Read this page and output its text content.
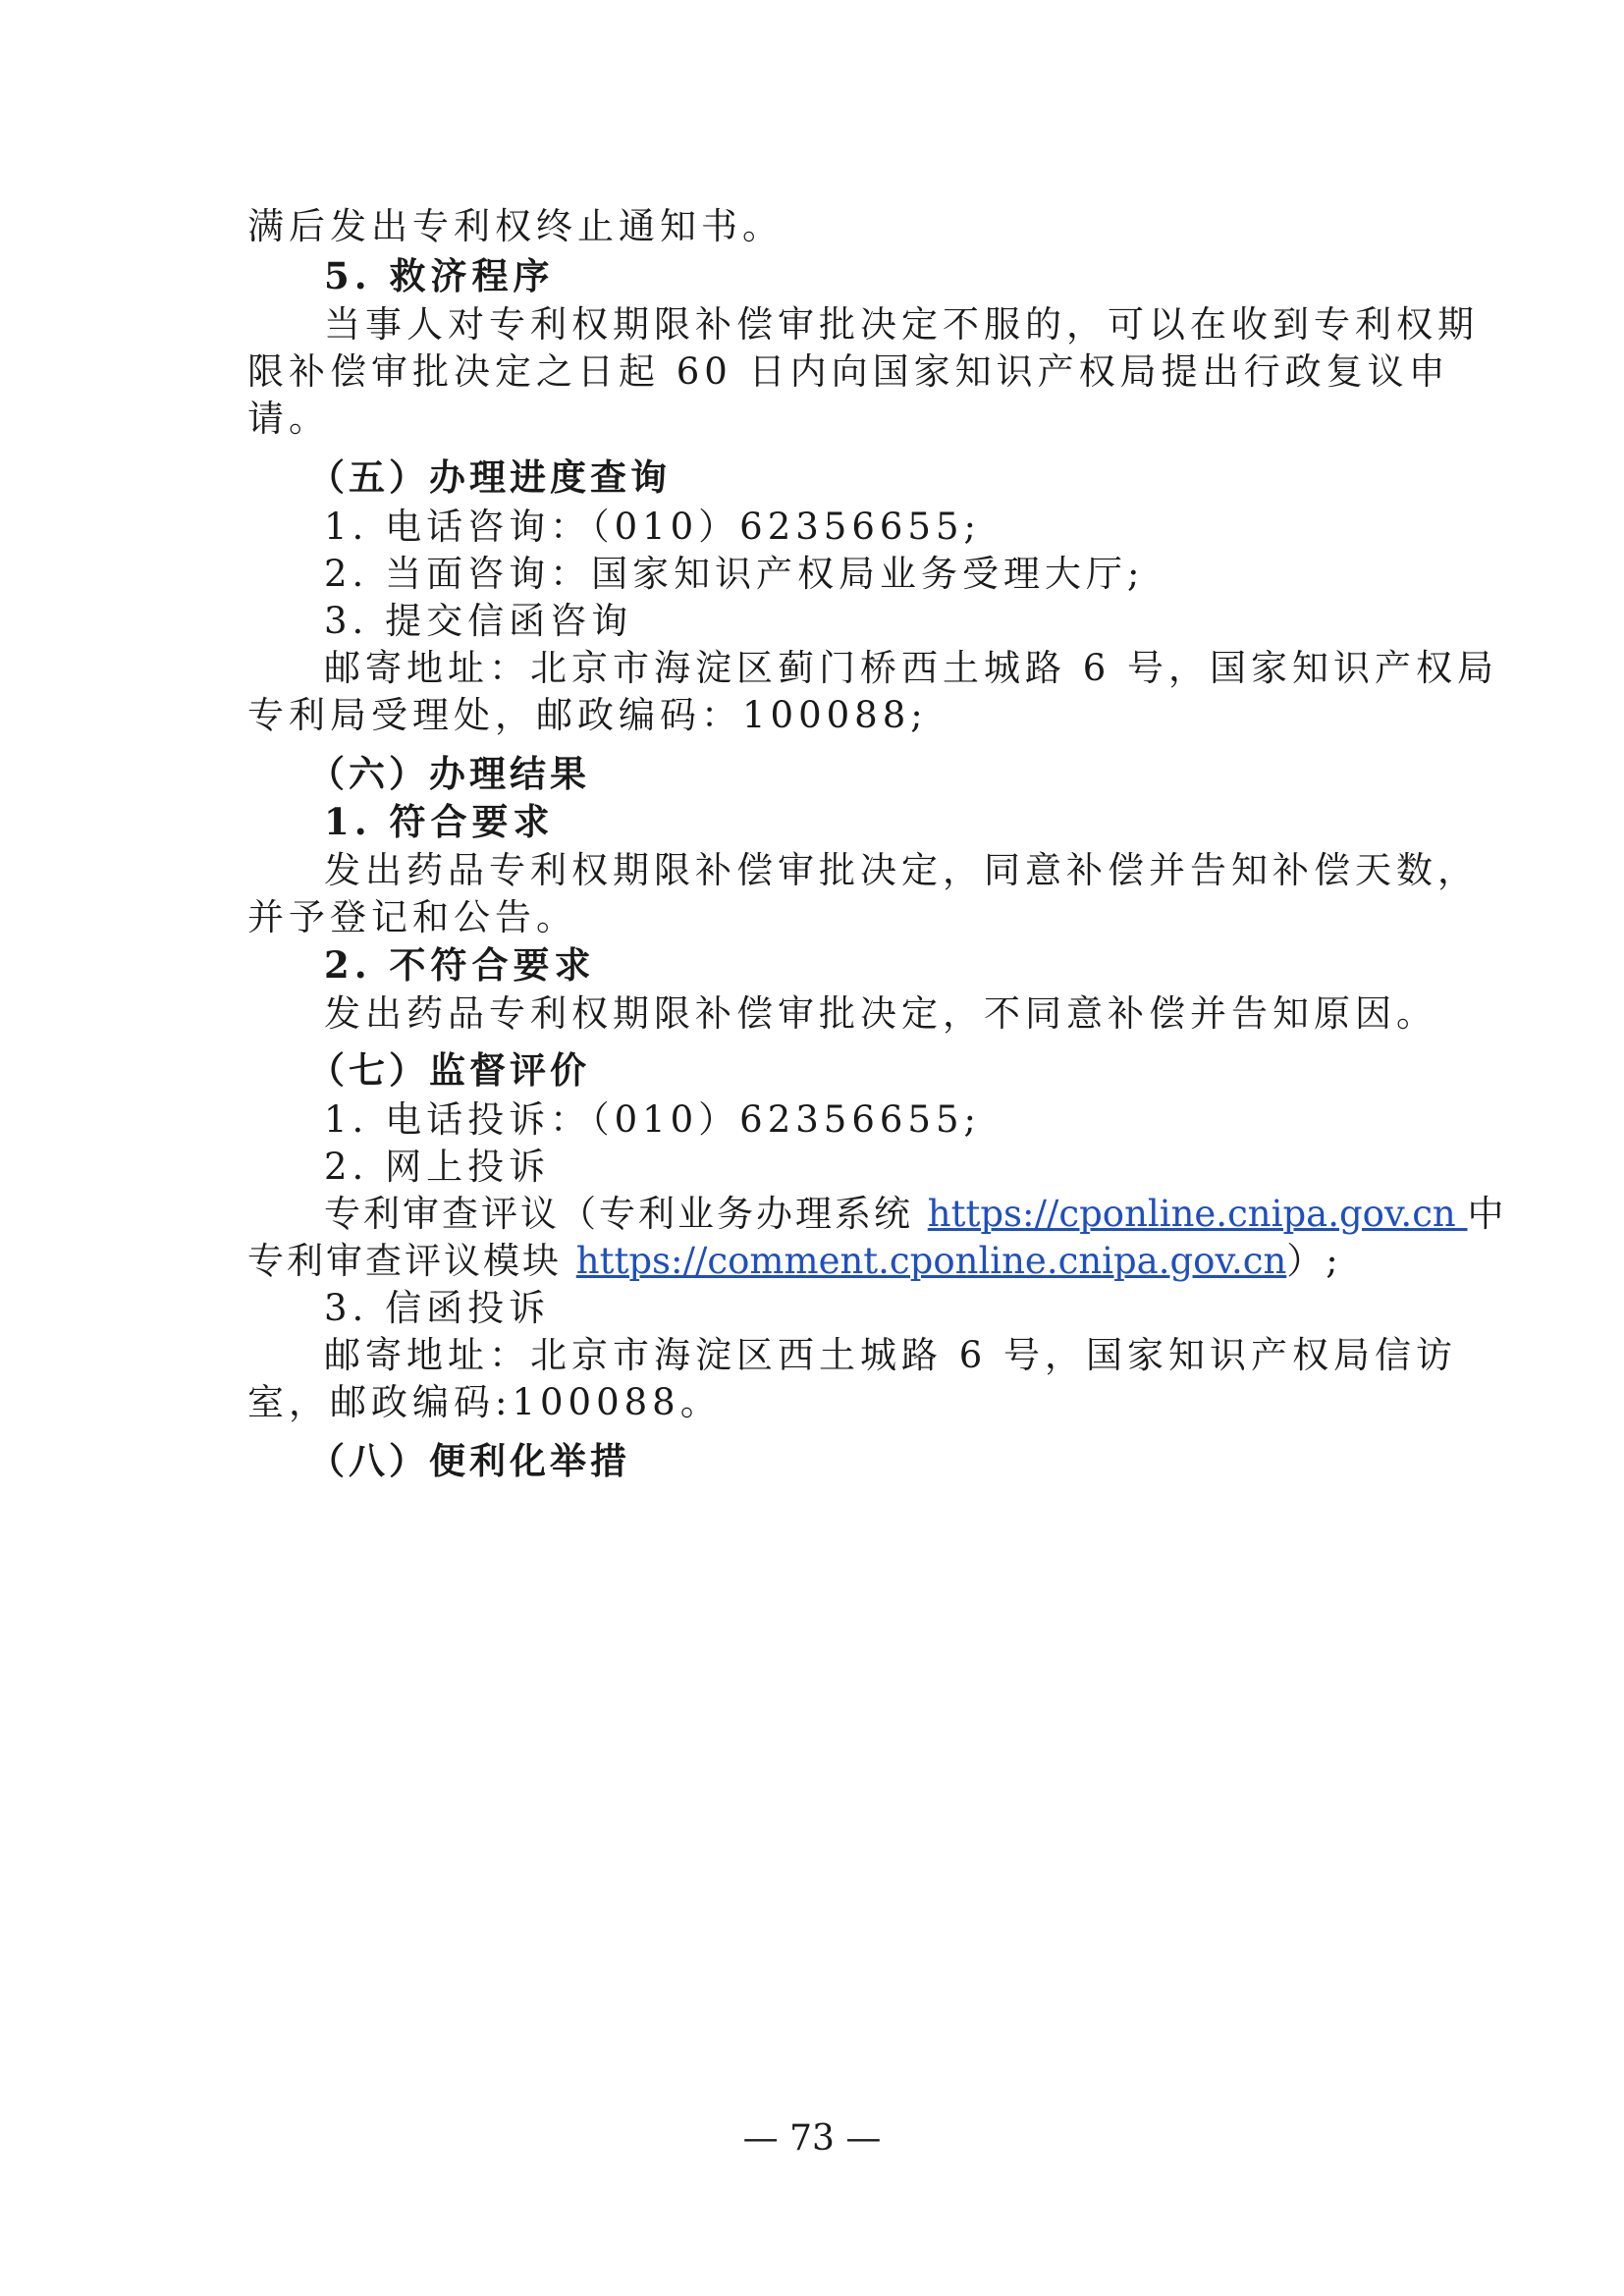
满后发出专利权终止通知书。
5. 救济程序
当事人对专利权期限补偿审批决定不服的，可以在收到专利权期
限补偿审批决定之日起 60 日内向国家知识产权局提出行政复议申
请。
（五）办理进度查询
1. 电话咨询：（010）62356655;
2. 当面咨询：国家知识产权局业务受理大厅;
3. 提交信函咨询
邮寄地址：北京市海淀区蓟门桥西土城路 6 号，国家知识产权局
专利局受理处，邮政编码：100088;
（六）办理结果
1. 符合要求
发出药品专利权期限补偿审批决定，同意补偿并告知补偿天数，
并予登记和公告。
2. 不符合要求
发出药品专利权期限补偿审批决定，不同意补偿并告知原因。
（七）监督评价
1. 电话投诉：（010）62356655;
2. 网上投诉
专利审查评议（专利业务办理系统 https://cponline.cnipa.gov.cn 中
专利审查评议模块 https://comment.cponline.cnipa.gov.cn）;
3. 信函投诉
邮寄地址：北京市海淀区西土城路 6 号，国家知识产权局信访
室，邮政编码:100088。
（八）便利化举措
— 73 —
